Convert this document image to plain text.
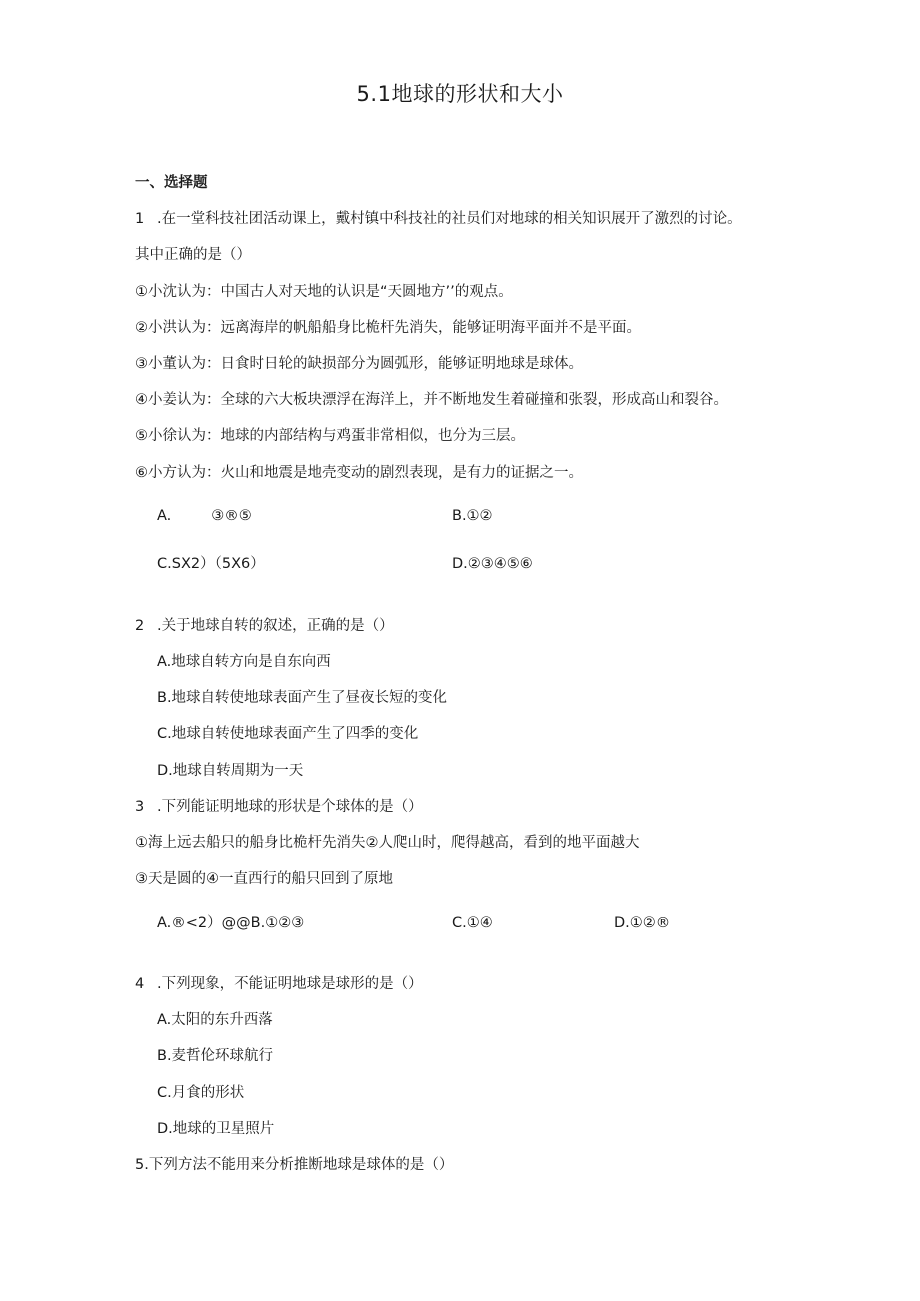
5.1地球的形状和大小
一、选择题
1 .在一堂科技社团活动课上，戴村镇中科技社的社员们对地球的相关知识展开了激烈的讨论。
其中正确的是（）
①小沈认为：中国古人对天地的认识是“天圆地方’’的观点。
②小洪认为：远离海岸的帆船船身比桅杆先消失，能够证明海平面并不是平面。
③小董认为：日食时日轮的缺损部分为圆弧形，能够证明地球是球体。
④小姜认为：全球的六大板块漂浮在海洋上，并不断地发生着碰撞和张裂，形成高山和裂谷。
⑤小徐认为：地球的内部结构与鸡蛋非常相似，也分为三层。
⑥小方认为：火山和地震是地壳变动的剧烈表现，是有力的证据之一。
A.	③®⑤	B.①②
C.SX2）（5X6）	D.②③④⑤⑥
2 .关于地球自转的叙述，正确的是（）
A.地球自转方向是自东向西
B.地球自转使地球表面产生了昼夜长短的变化
C.地球自转使地球表面产生了四季的变化
D.地球自转周期为一天
3 .下列能证明地球的形状是个球体的是（）
①海上远去船只的船身比桅杆先消失②人爬山时，爬得越高，看到的地平面越大
③天是圆的④一直西行的船只回到了原地
A.®<2）@@B.①②③	C.①④	D.①②®
4 .下列现象，不能证明地球是球形的是（）
A.太阳的东升西落
B.麦哲伦环球航行
C.月食的形状
D.地球的卫星照片
5.下列方法不能用来分析推断地球是球体的是（）
